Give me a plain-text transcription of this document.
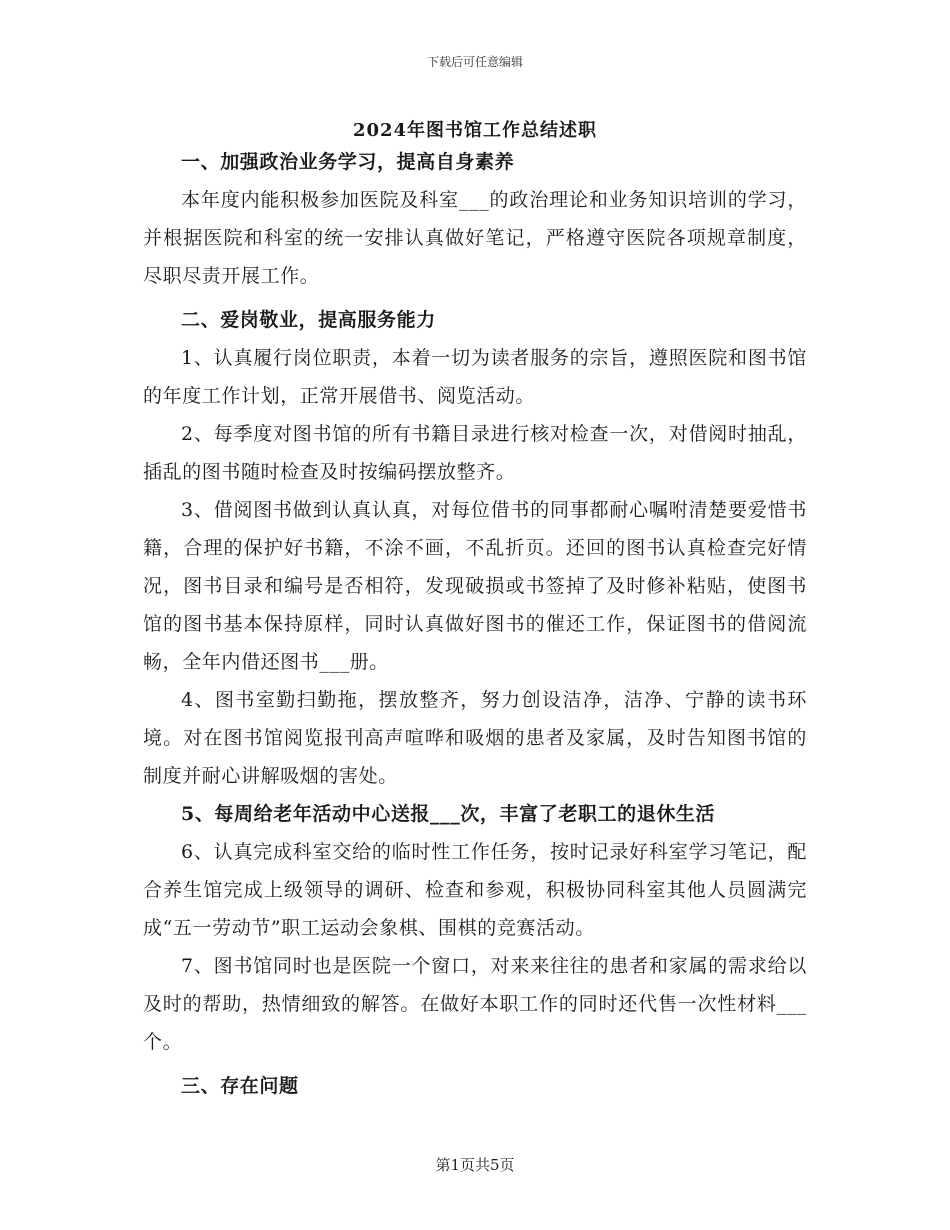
下载后可任意编辑
2024年图书馆工作总结述职

一、加强政治业务学习，提高自身素养

本年度内能积极参加医院及科室___的政治理论和业务知识培训的学习，并根据医院和科室的统一安排认真做好笔记，严格遵守医院各项规章制度，尽职尽责开展工作。

二、爱岗敬业，提高服务能力

1、认真履行岗位职责，本着一切为读者服务的宗旨，遵照医院和图书馆的年度工作计划，正常开展借书、阅览活动。

2、每季度对图书馆的所有书籍目录进行核对检查一次，对借阅时抽乱，插乱的图书随时检查及时按编码摆放整齐。

3、借阅图书做到认真认真，对每位借书的同事都耐心嘱咐清楚要爱惜书籍，合理的保护好书籍，不涂不画，不乱折页。还回的图书认真检查完好情况，图书目录和编号是否相符，发现破损或书签掉了及时修补粘贴，使图书馆的图书基本保持原样，同时认真做好图书的催还工作，保证图书的借阅流畅，全年内借还图书___册。

4、图书室勤扫勤拖，摆放整齐，努力创设洁净，洁净、宁静的读书环境。对在图书馆阅览报刊高声喧哗和吸烟的患者及家属，及时告知图书馆的制度并耐心讲解吸烟的害处。

5、每周给老年活动中心送报___次，丰富了老职工的退休生活

6、认真完成科室交给的临时性工作任务，按时记录好科室学习笔记，配合养生馆完成上级领导的调研、检查和参观，积极协同科室其他人员圆满完成“五一劳动节”职工运动会象棋、围棋的竞赛活动。

7、图书馆同时也是医院一个窗口，对来来往往的患者和家属的需求给以及时的帮助，热情细致的解答。在做好本职工作的同时还代售一次性材料___个。

三、存在问题

第1页共5页
